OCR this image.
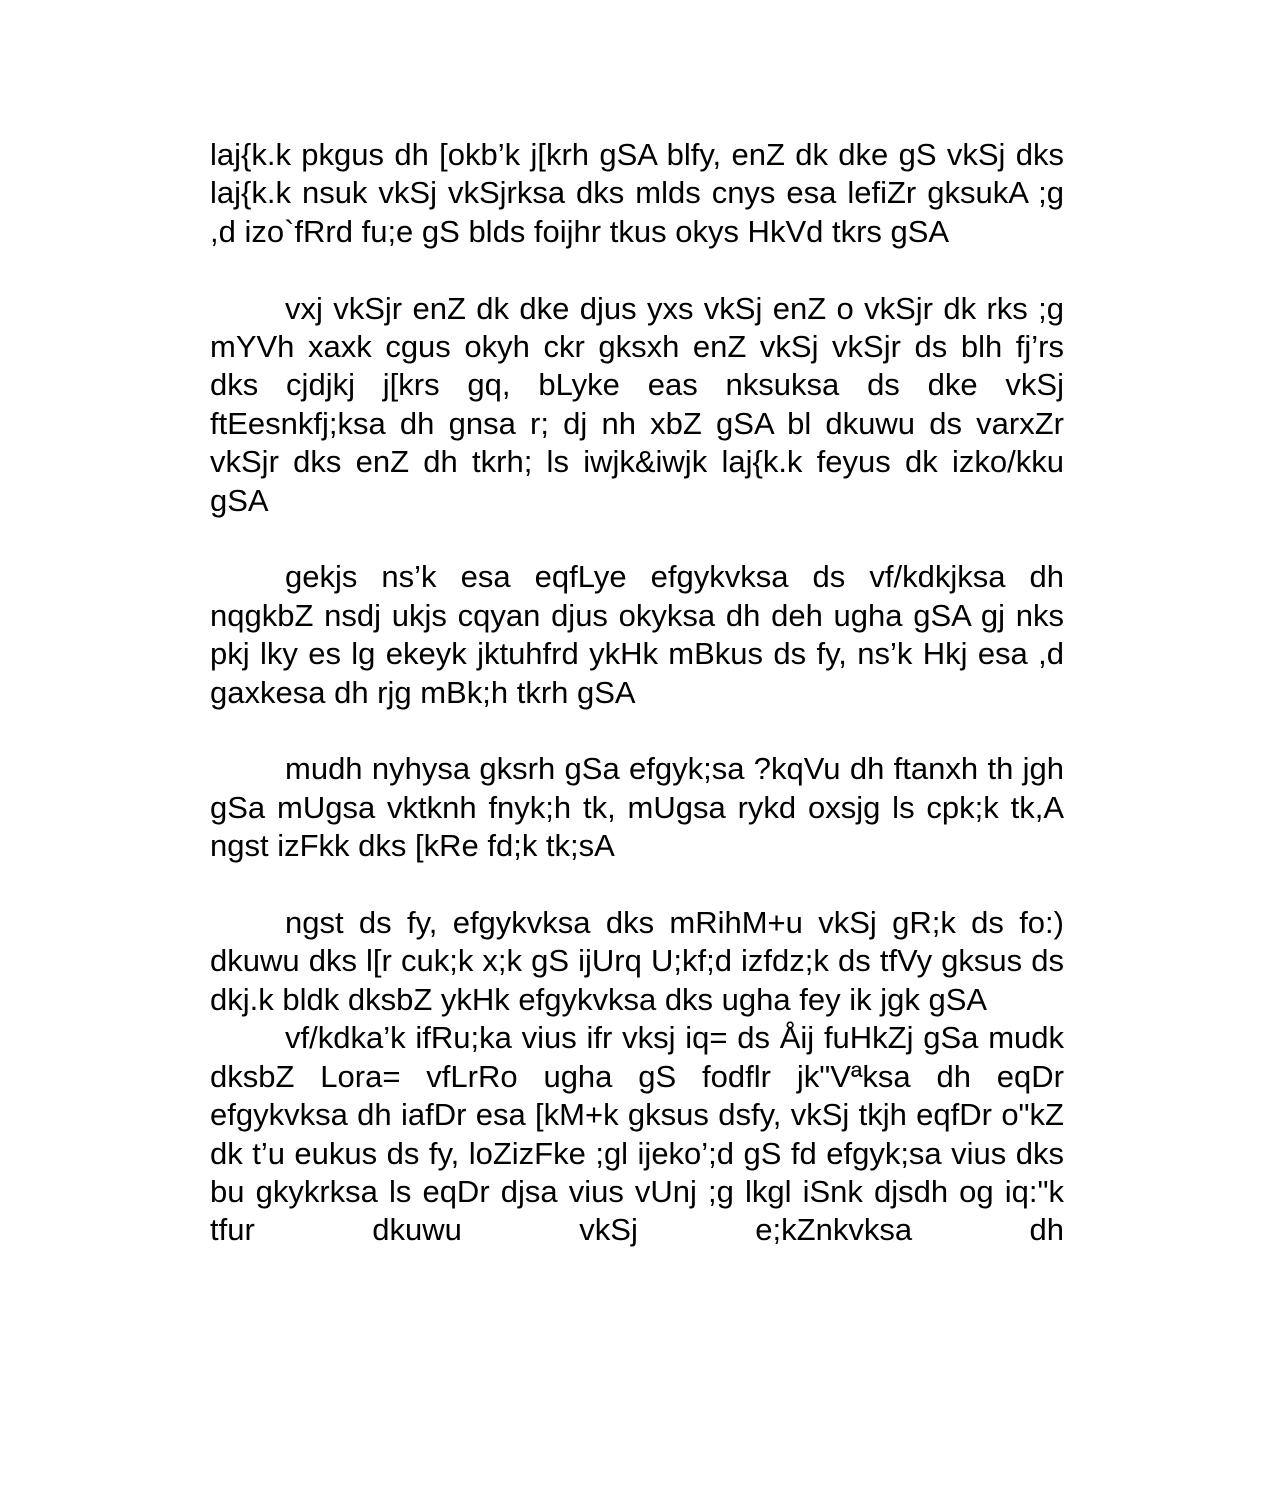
laj{k.k pkgus dh [okb’k j[krh gSA blfy, enZ dk dke gS vkSj dks laj{k.k nsuk vkSj vkSjrksa dks mlds cnys esa lefiZr gksukA ;g ,d izo`fRrd fu;e gS blds foijhr tkus okys HkVd tkrs gSA

vxj vkSjr enZ dk dke djus yxs vkSj enZ o vkSjr dk rks ;g mYVh xaxk cgus okyh ckr gksxh enZ vkSj vkSjr ds blh fj’rs dks cjdjkj j[krs gq, bLyke eas nksuksa ds dke vkSj ftEesnkfj;ksa dh gnsa r; dj nh xbZ gSA bl dkuwu ds varxZr vkSjr dks enZ dh tkrh; ls iwjk&iwjk laj{k.k feyus dk izko/kku gSA

gekjs ns’k esa eqfLye efgykvksa ds vf/kdkjksa dh nqgkbZ nsdj ukjs cqyan djus okyksa dh deh ugha gSA gj nks pkj lky es lg ekeyk jktuhfrd ykHk mBkus ds fy, ns’k Hkj esa ,d gaxkesa dh rjg mBk;h tkrh gSA

mudh nyhysa gksrh gSa efgyk;sa ?kqVu dh ftanxh th jgh gSa mUgsa vktknh fnyk;h tk, mUgsa rykd oxsjg ls cpk;k tk,A ngst izFkk dks [kRe fd;k tk;sA

ngst ds fy, efgykvksa dks mRihM+u vkSj gR;k ds fo:) dkuwu dks l[r cuk;k x;k gS ijUrq U;kf;d izfdz;k ds tfVy gksus ds dkj.k bldk dksbZ ykHk efgykvksa dks ugha fey ik jgk gSA

vf/kdka’k ifRu;ka vius ifr vksj iq= ds Åij fuHkZj gSa mudk dksbZ Lora= vfLrRo ugha gS fodflr jk"Vªksa dh eqDr efgykvksa dh iafDr esa [kM+k gksus dsfy, vkSj tkjh eqfDr o"kZ dk t’u eukus ds fy, loZizFke ;gl ijeko’;d gS fd efgyk;sa vius dks bu gkykrksa ls eqDr djsa vius vUnj ;g lkgl iSnk djsdh og iq:"k tfur dkuwu vkSj e;kZnkvksa dh
